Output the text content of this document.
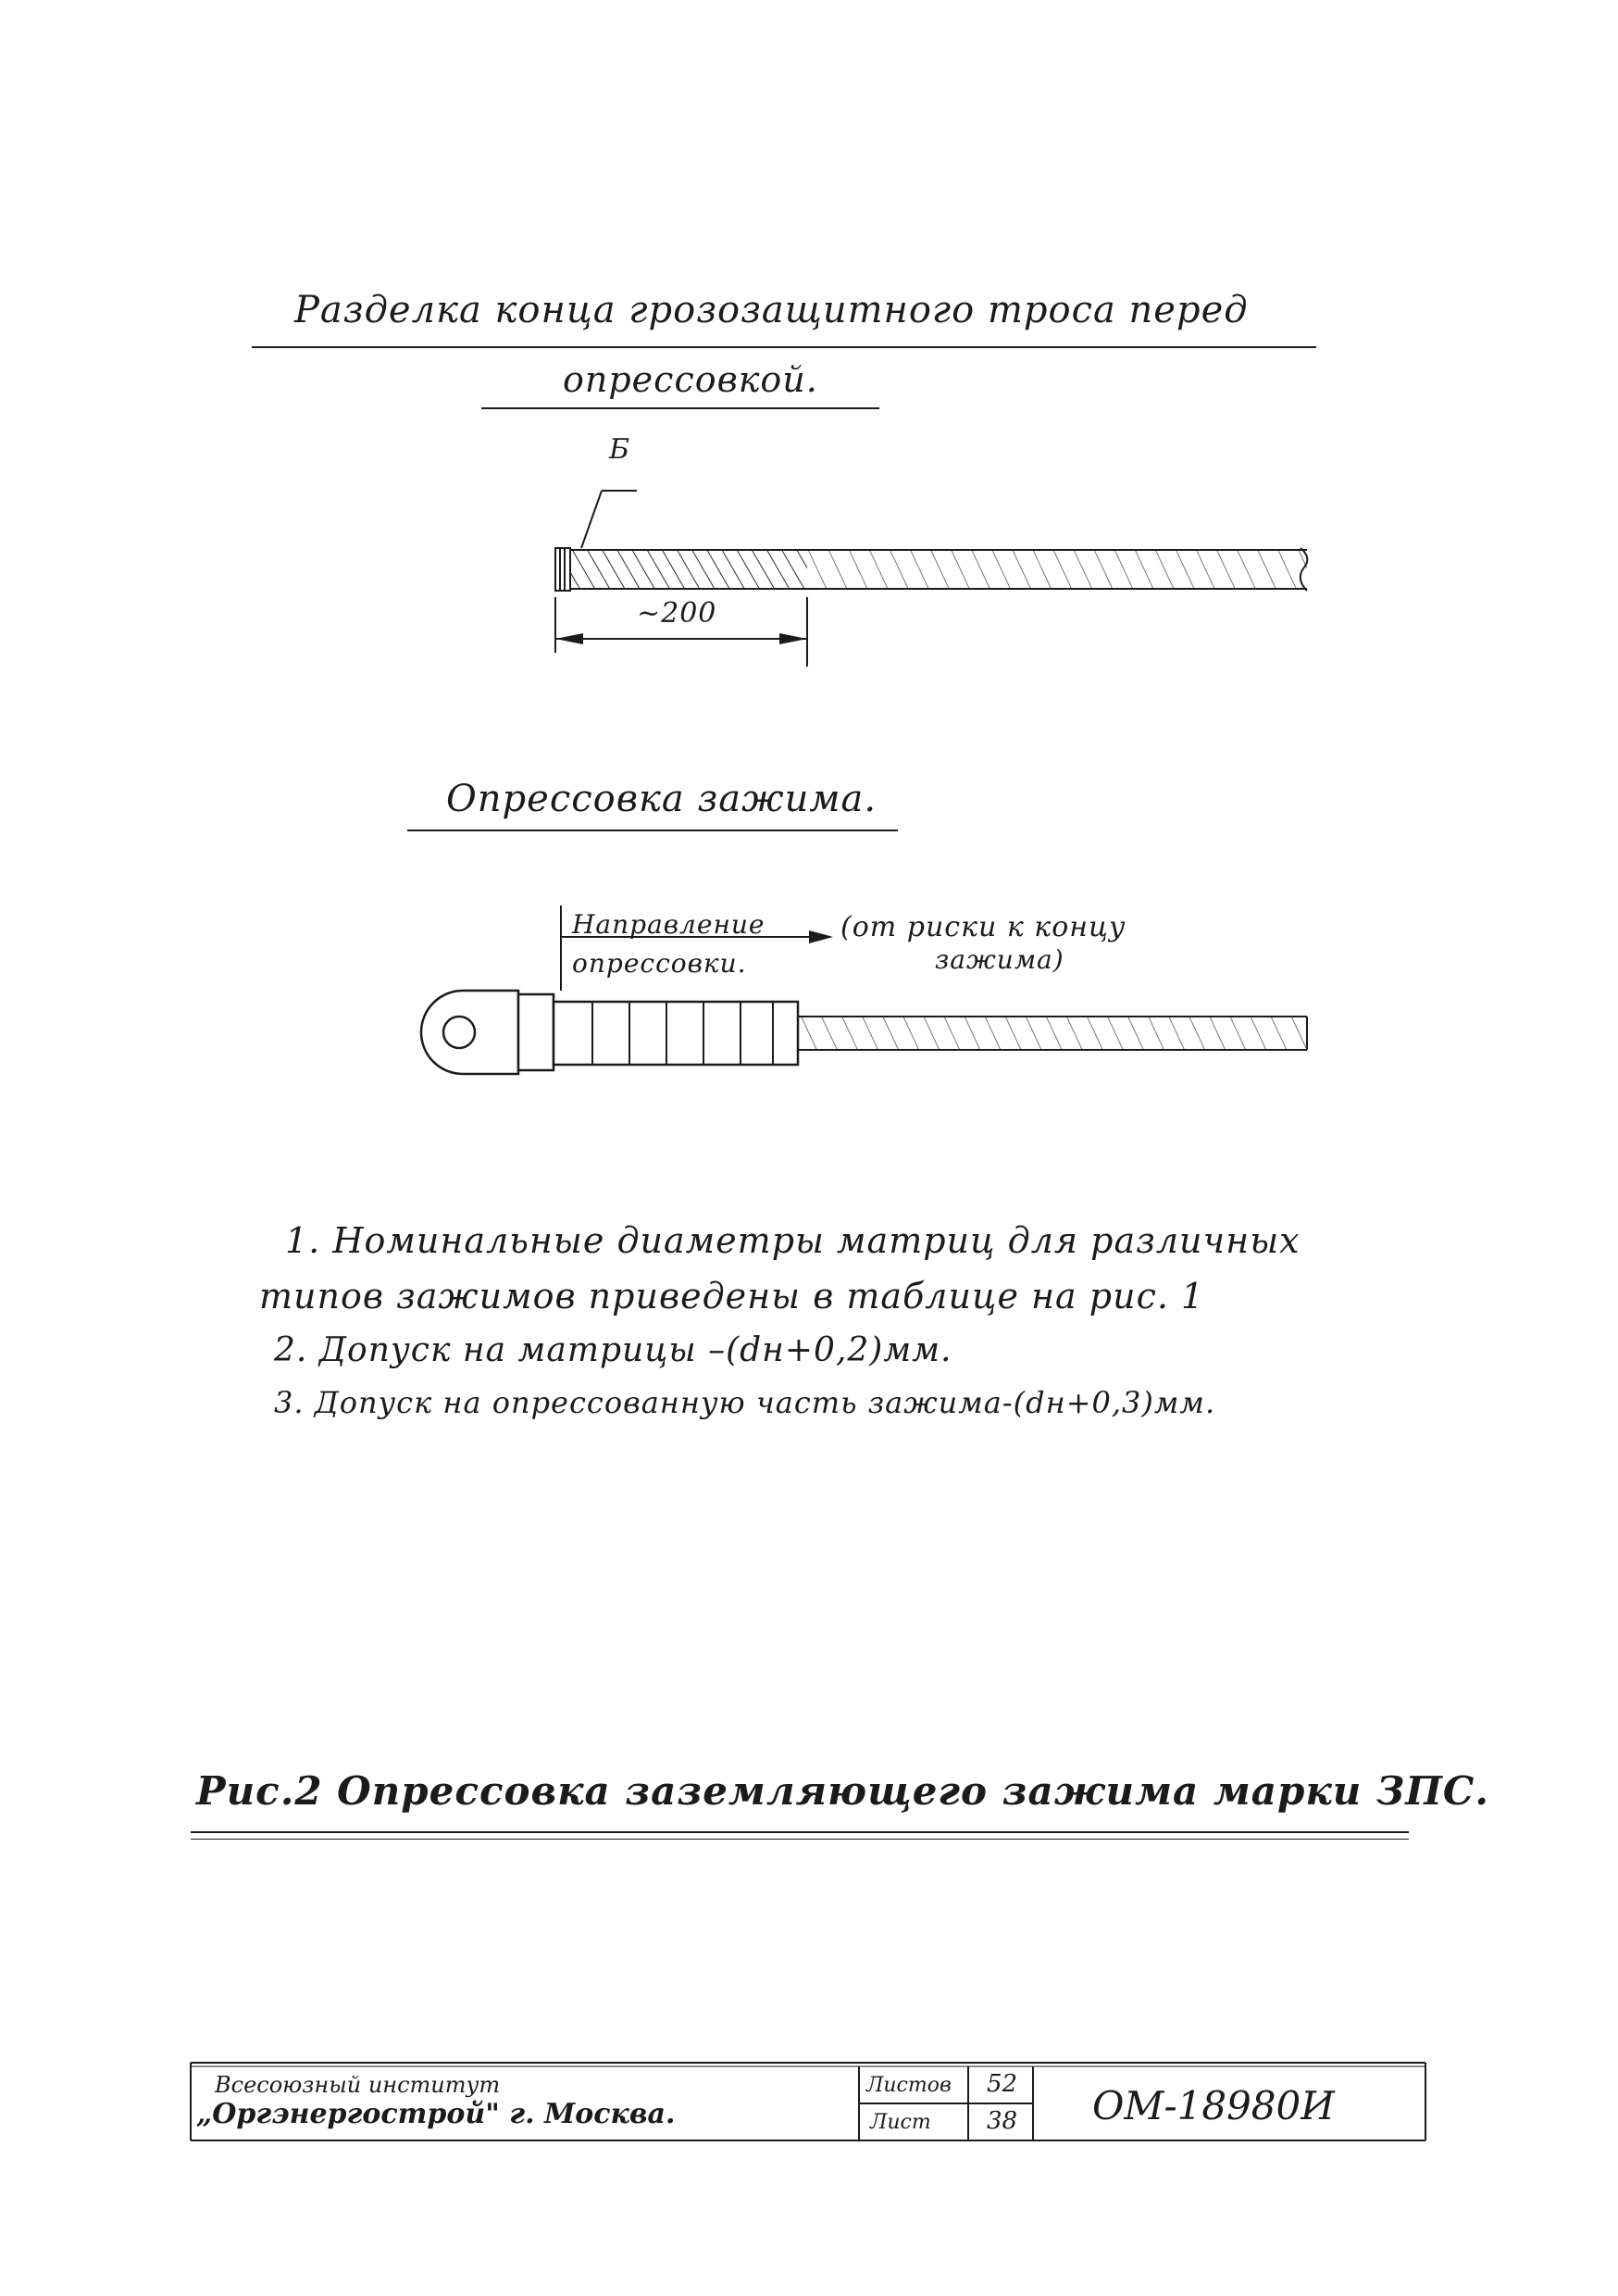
Разделка конца грозозащитного троса перед
опрессовкой.
Б
~200
Опрессовка зажима.
Направление
опрессовки.
(от риски к концу
зажима)
1. Номинальные диаметры матриц для различных
типов зажимов приведены в таблице на рис. 1
2. Допуск на матрицы –(dн+0,2)мм.
3. Допуск на опрессованную часть зажима-(dн+0,3)мм.
Рис.2 Опрессовка заземляющего зажима марки ЗПС.
Всесоюзный институт
„Оргэнергострой" г. Москва.
Листов 52
Лист 38 ОМ-18980И
